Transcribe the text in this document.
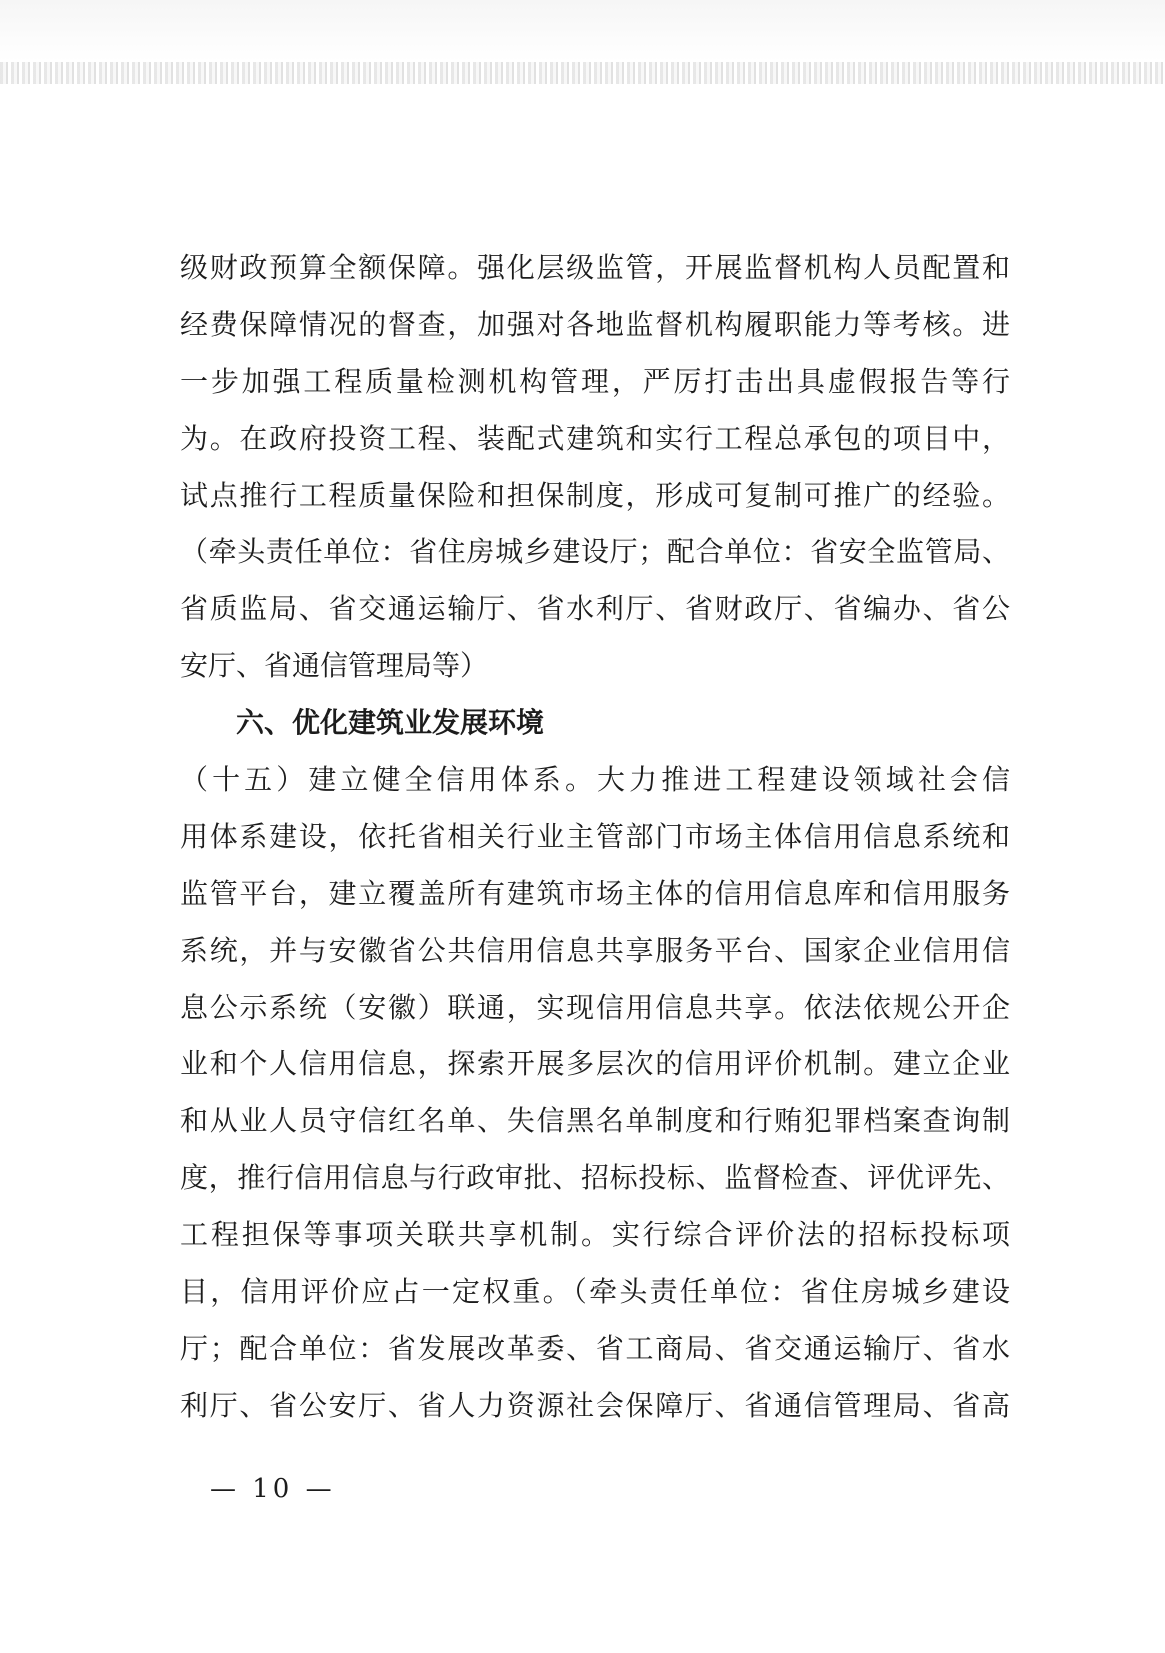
级财政预算全额保障。强化层级监管，开展监督机构人员配置和
经费保障情况的督查，加强对各地监督机构履职能力等考核。进
一步加强工程质量检测机构管理，严厉打击出具虚假报告等行
为。在政府投资工程、装配式建筑和实行工程总承包的项目中，
试点推行工程质量保险和担保制度，形成可复制可推广的经验。
（牵头责任单位：省住房城乡建设厅；配合单位：省安全监管局、
省质监局、省交通运输厅、省水利厅、省财政厅、省编办、省公
安厅、省通信管理局等）
六、优化建筑业发展环境
（十五）建立健全信用体系。大力推进工程建设领域社会信
用体系建设，依托省相关行业主管部门市场主体信用信息系统和
监管平台，建立覆盖所有建筑市场主体的信用信息库和信用服务
系统，并与安徽省公共信用信息共享服务平台、国家企业信用信
息公示系统（安徽）联通，实现信用信息共享。依法依规公开企
业和个人信用信息，探索开展多层次的信用评价机制。建立企业
和从业人员守信红名单、失信黑名单制度和行贿犯罪档案查询制
度，推行信用信息与行政审批、招标投标、监督检查、评优评先、
工程担保等事项关联共享机制。实行综合评价法的招标投标项
目，信用评价应占一定权重。（牵头责任单位：省住房城乡建设
厅；配合单位：省发展改革委、省工商局、省交通运输厅、省水
利厅、省公安厅、省人力资源社会保障厅、省通信管理局、省高
— 10 —
